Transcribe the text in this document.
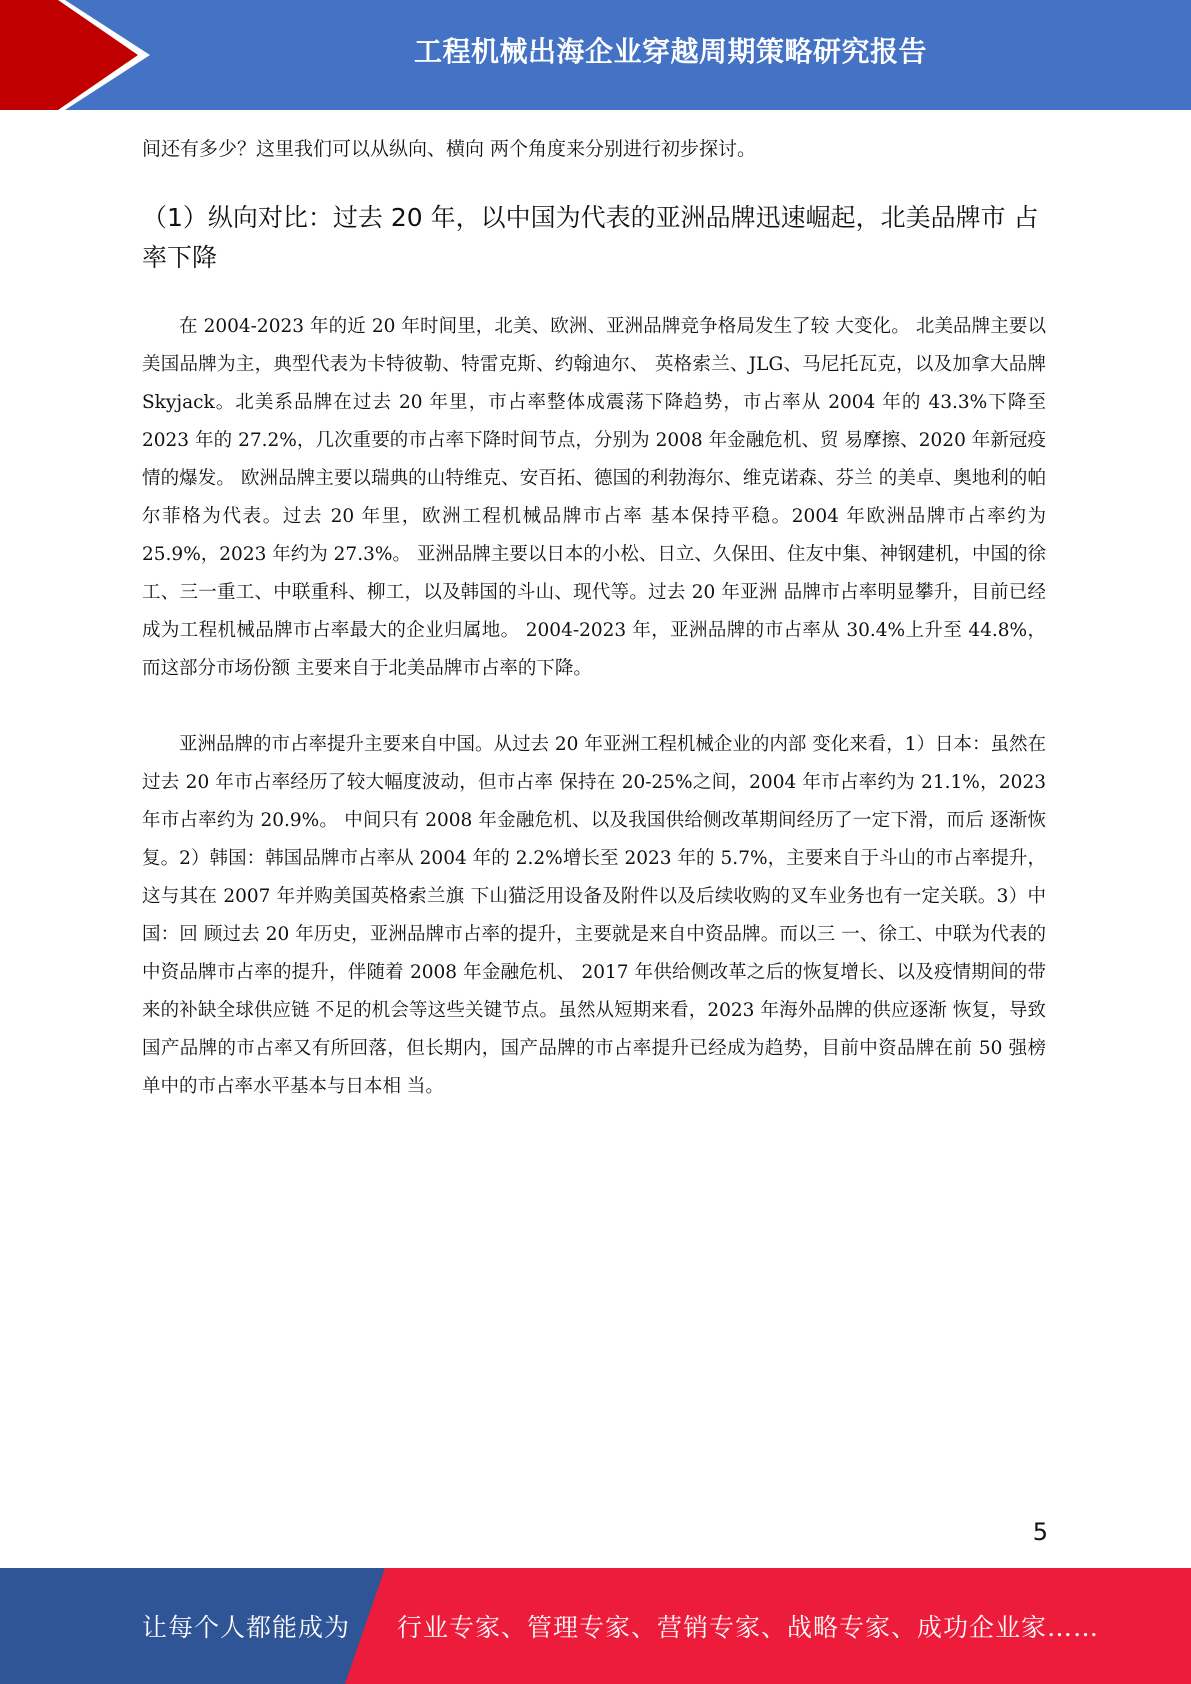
工程机械出海企业穿越周期策略研究报告

间还有多少？这里我们可以从纵向、横向 两个角度来分别进行初步探讨。

（1）纵向对比：过去 20 年，以中国为代表的亚洲品牌迅速崛起，北美品牌市 占率下降

在 2004-2023 年的近 20 年时间里，北美、欧洲、亚洲品牌竞争格局发生了较 大变化。 北美品牌主要以美国品牌为主，典型代表为卡特彼勒、特雷克斯、约翰迪尔、 英格索兰、JLG、马尼托瓦克，以及加拿大品牌 Skyjack。北美系品牌在过去 20 年里，市占率整体成震荡下降趋势，市占率从 2004 年的 43.3%下降至 2023 年的 27.2%，几次重要的市占率下降时间节点，分别为 2008 年金融危机、贸 易摩擦、2020 年新冠疫情的爆发。 欧洲品牌主要以瑞典的山特维克、安百拓、德国的利勃海尔、维克诺森、芬兰 的美卓、奥地利的帕尔菲格为代表。过去 20 年里，欧洲工程机械品牌市占率 基本保持平稳。2004 年欧洲品牌市占率约为 25.9%，2023 年约为 27.3%。 亚洲品牌主要以日本的小松、日立、久保田、住友中集、神钢建机，中国的徐 工、三一重工、中联重科、柳工，以及韩国的斗山、现代等。过去 20 年亚洲 品牌市占率明显攀升，目前已经成为工程机械品牌市占率最大的企业归属地。 2004-2023 年，亚洲品牌的市占率从 30.4%上升至 44.8%，而这部分市场份额 主要来自于北美品牌市占率的下降。

亚洲品牌的市占率提升主要来自中国。从过去 20 年亚洲工程机械企业的内部 变化来看，1）日本：虽然在过去 20 年市占率经历了较大幅度波动，但市占率 保持在 20-25%之间，2004 年市占率约为 21.1%，2023 年市占率约为 20.9%。 中间只有 2008 年金融危机、以及我国供给侧改革期间经历了一定下滑，而后 逐渐恢复。2）韩国：韩国品牌市占率从 2004 年的 2.2%增长至 2023 年的 5.7%，主要来自于斗山的市占率提升，这与其在 2007 年并购美国英格索兰旗 下山猫泛用设备及附件以及后续收购的叉车业务也有一定关联。3）中国：回 顾过去 20 年历史，亚洲品牌市占率的提升，主要就是来自中资品牌。而以三 一、徐工、中联为代表的中资品牌市占率的提升，伴随着 2008 年金融危机、 2017 年供给侧改革之后的恢复增长、以及疫情期间的带来的补缺全球供应链 不足的机会等这些关键节点。虽然从短期来看，2023 年海外品牌的供应逐渐 恢复，导致国产品牌的市占率又有所回落，但长期内，国产品牌的市占率提升已经成为趋势，目前中资品牌在前 50 强榜单中的市占率水平基本与日本相 当。

5
让每个人都能成为 行业专家、管理专家、营销专家、战略专家、成功企业家……
